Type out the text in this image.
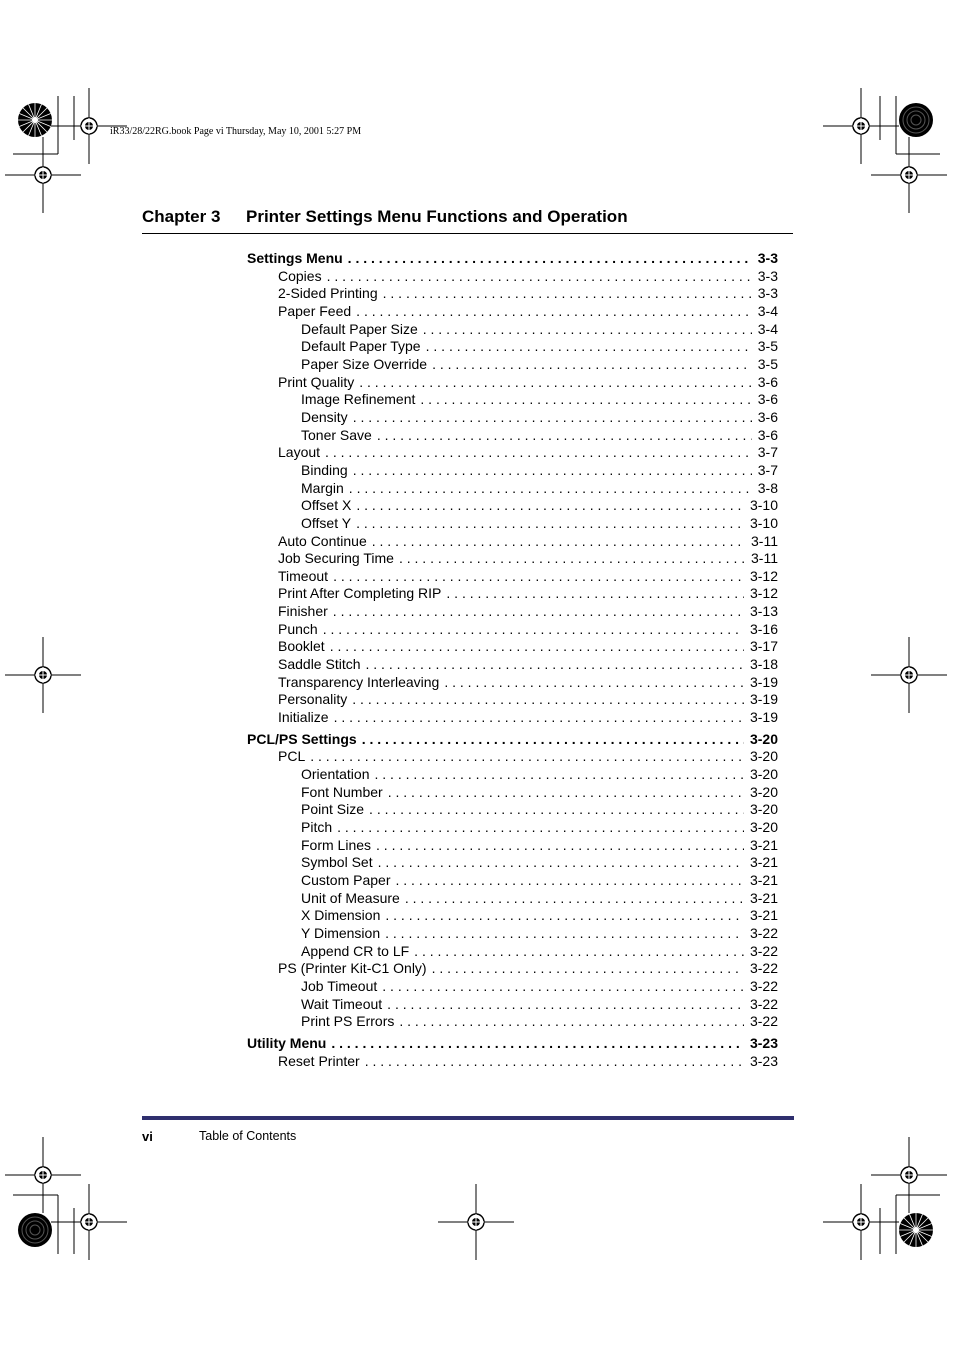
iR33/28/22RG.book Page vi Thursday, May 10, 2001 5:27 PM
Chapter 3 Printer Settings Menu Functions and Operation
Settings Menu . . .	3-3
Copies . . .	3-3
2-Sided Printing . . .	3-3
Paper Feed . . .	3-4
Default Paper Size . . .	3-4
Default Paper Type . . .	3-5
Paper Size Override . . .	3-5
Print Quality . . .	3-6
Image Refinement . . .	3-6
Density . . .	3-6
Toner Save . . .	3-6
Layout . . .	3-7
Binding . . .	3-7
Margin . . .	3-8
Offset X . . .	3-10
Offset Y . . .	3-10
Auto Continue . . .	3-11
Job Securing Time . . .	3-11
Timeout . . .	3-12
Print After Completing RIP . . .	3-12
Finisher . . .	3-13
Punch . . .	3-16
Booklet . . .	3-17
Saddle Stitch . . .	3-18
Transparency Interleaving . . .	3-19
Personality . . .	3-19
Initialize . . .	3-19
PCL/PS Settings . . .	3-20
PCL . . .	3-20
Orientation . . .	3-20
Font Number . . .	3-20
Point Size . . .	3-20
Pitch . . .	3-20
Form Lines . . .	3-21
Symbol Set . . .	3-21
Custom Paper . . .	3-21
Unit of Measure . . .	3-21
X Dimension . . .	3-21
Y Dimension . . .	3-22
Append CR to LF . . .	3-22
PS (Printer Kit-C1 Only) . . .	3-22
Job Timeout . . .	3-22
Wait Timeout . . .	3-22
Print PS Errors . . .	3-22
Utility Menu . . .	3-23
Reset Printer . . .	3-23
vi	Table of Contents
